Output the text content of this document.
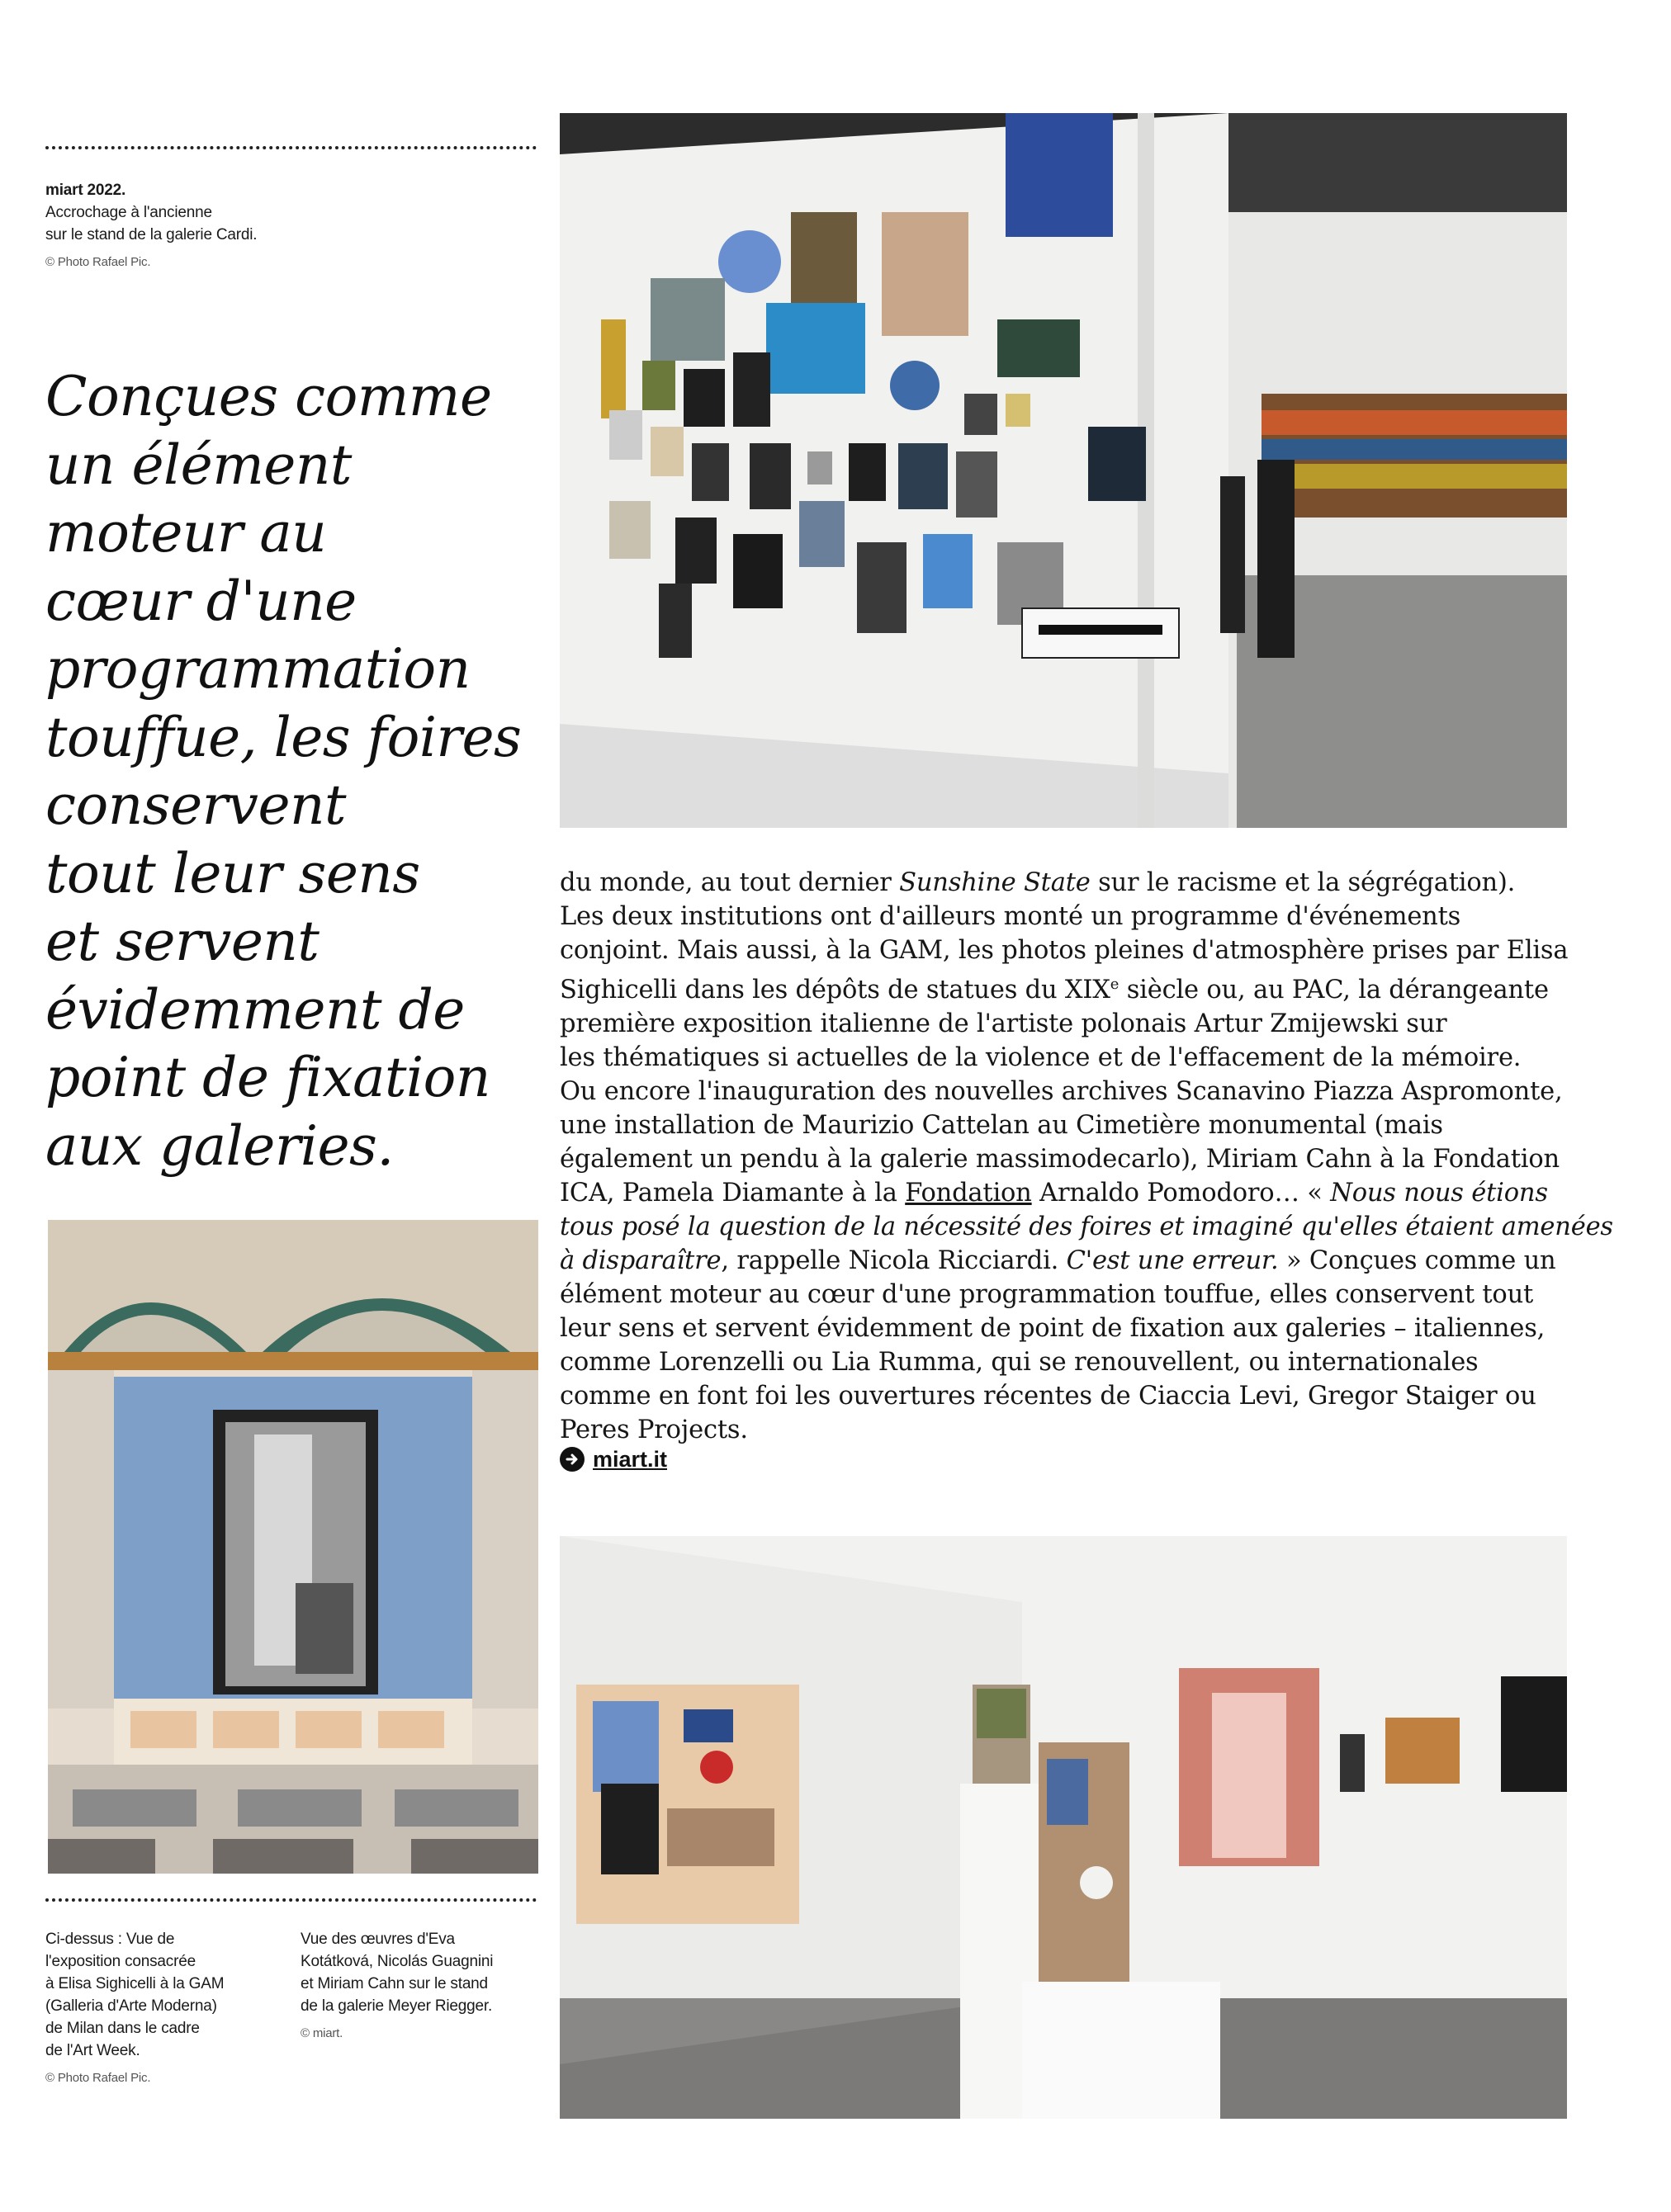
miart 2022.
Accrochage à l'ancienne
sur le stand de la galerie Cardi.
© Photo Rafael Pic.
Conçues comme
un élément
moteur au
cœur d'une
programmation
touffue, les foires
conservent
tout leur sens
et servent
évidemment de
point de fixation
aux galeries.
du monde, au tout dernier Sunshine State sur le racisme et la ségrégation).
Les deux institutions ont d'ailleurs monté un programme d'événements
conjoint. Mais aussi, à la GAM, les photos pleines d'atmosphère prises par Elisa
Sighicelli dans les dépôts de statues du XIXe siècle ou, au PAC, la dérangeante
première exposition italienne de l'artiste polonais Artur Zmijewski sur
les thématiques si actuelles de la violence et de l'effacement de la mémoire.
Ou encore l'inauguration des nouvelles archives Scanavino Piazza Aspromonte,
une installation de Maurizio Cattelan au Cimetière monumental (mais
également un pendu à la galerie massimodecarlo), Miriam Cahn à la Fondation
ICA, Pamela Diamante à la Fondation Arnaldo Pomodoro… « Nous nous étions
tous posé la question de la nécessité des foires et imaginé qu'elles étaient amenées
à disparaître, rappelle Nicola Ricciardi. C'est une erreur. » Conçues comme un
élément moteur au cœur d'une programmation touffue, elles conservent tout
leur sens et servent évidemment de point de fixation aux galeries – italiennes,
comme Lorenzelli ou Lia Rumma, qui se renouvellent, ou internationales
comme en font foi les ouvertures récentes de Ciaccia Levi, Gregor Staiger ou
Peres Projects.
miart.it
Ci-dessus : Vue de
l'exposition consacrée
à Elisa Sighicelli à la GAM
(Galleria d'Arte Moderna)
de Milan dans le cadre
de l'Art Week.
© Photo Rafael Pic.
Vue des œuvres d'Eva
Kotátková, Nicolás Guagnini
et Miriam Cahn sur le stand
de la galerie Meyer Riegger.
© miart.
